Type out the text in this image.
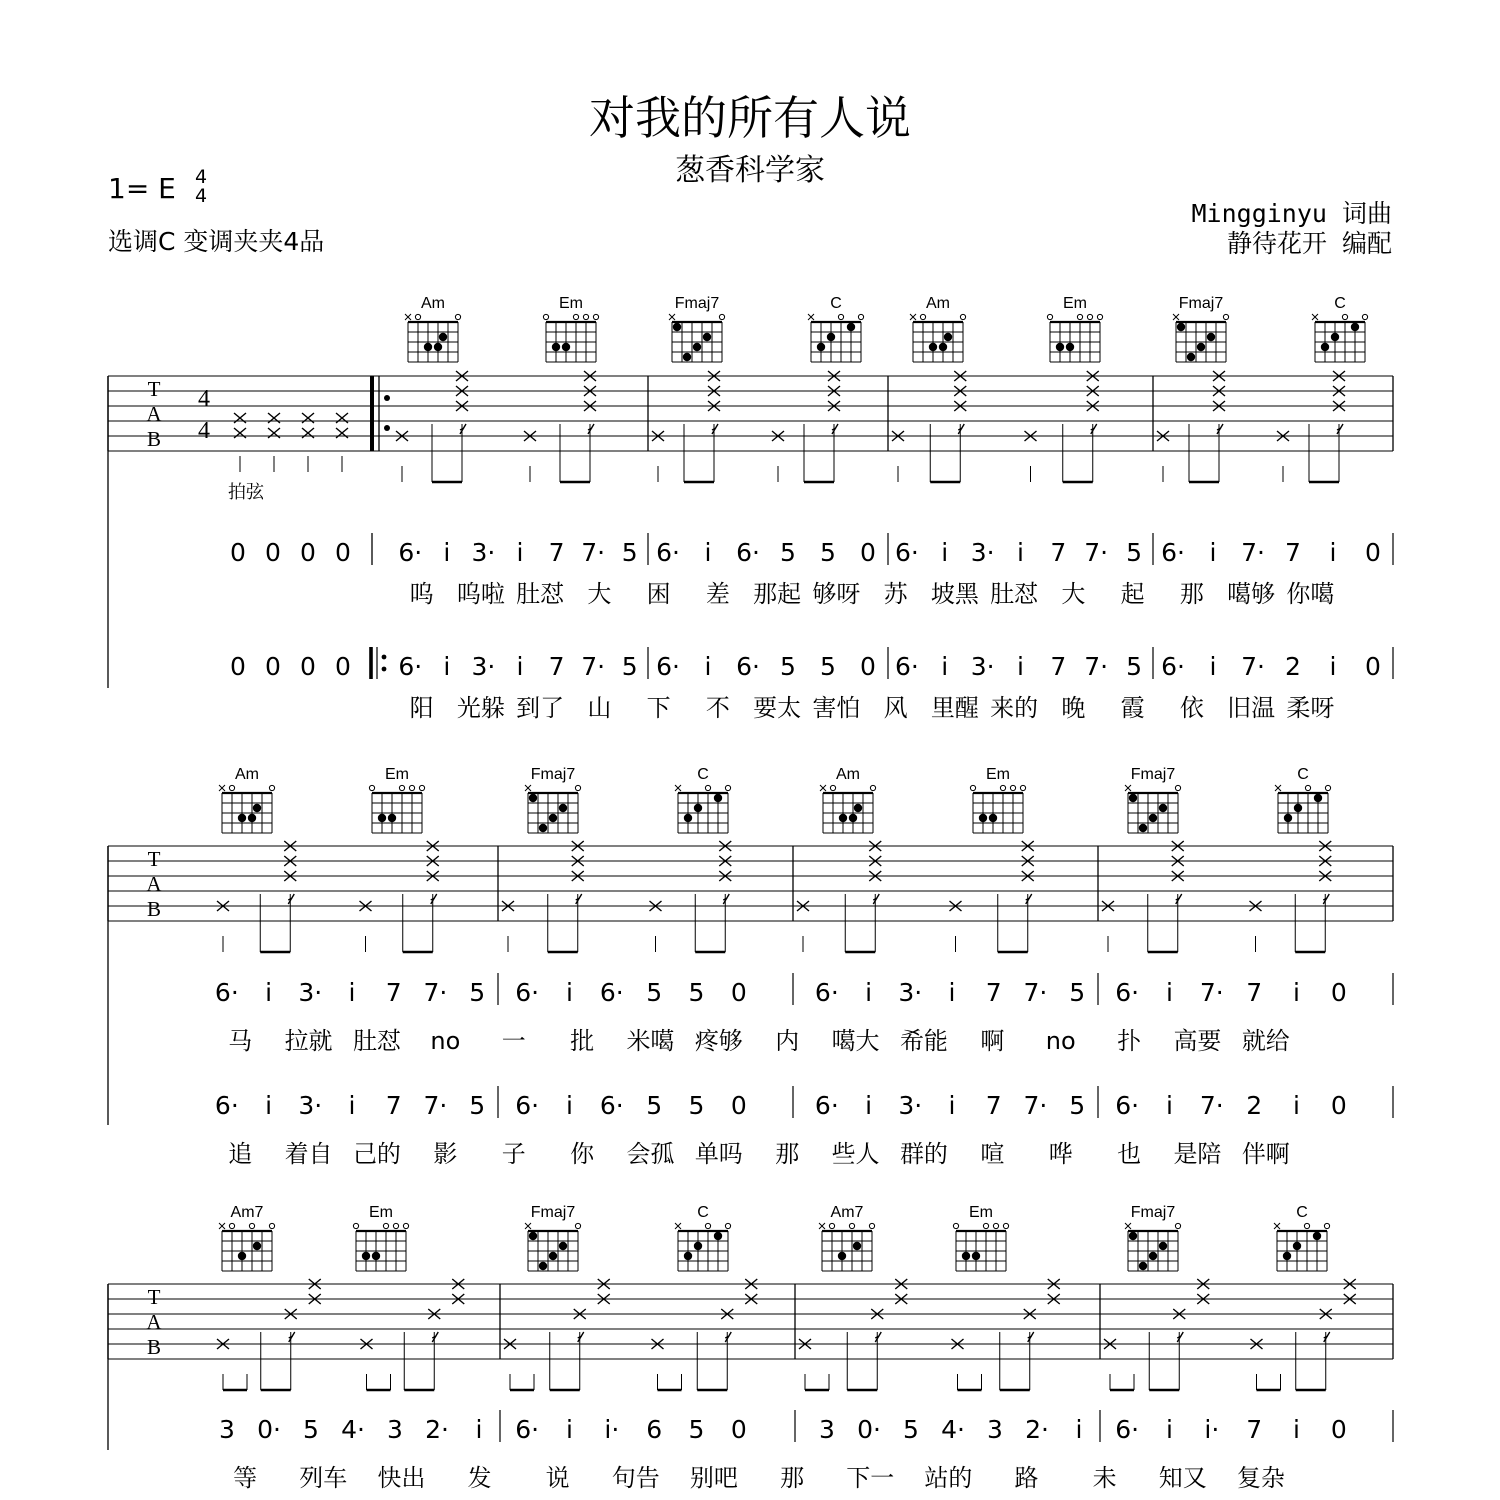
对我的所有人说
葱香科学家
1= E 4
4
选调C 变调夹夹4品
Mingginyu 词曲
静待花开 编配
T
A
B
4
4
拍弦
Am	Em	Fmaj7	C	Am	Em	Fmaj7	C
0 0 0 0 6· i 3· i 7 7· 5 6· i 6· 5 5 0 6· i 3· i 7 7· 5 6· i 7· 7 i 0
呜 呜啦 肚怼 大 困 差 那起 够呀 苏 坡黑 肚怼 大 起 那 噶够 你噶
0 0 0 0 6· i 3· i 7 7· 5 6· i 6· 5 5 0 6· i 3· i 7 7· 5 6· i 7· 2 i 0
阳 光躲 到了 山 下 不 要太 害怕 风 里醒 来的 晚 霞 依 旧温 柔呀
T
A
B
Am	Em	Fmaj7	C	Am	Em	Fmaj7	C
6· i 3· i 7 7· 5 6· i 6· 5 5 0	6· i 3· i 7 7· 5 6· i 7· 7 i 0
马 拉就 肚怼 no 一 批 米噶 疼够 内 噶大 希能 啊 no 扑 高要 就给
6· i 3· i 7 7· 5 6· i 6· 5 5 0	6· i 3· i 7 7· 5 6· i 7· 2 i 0
追 着自 己的 影 子 你 会孤 单吗 那 些人 群的 喧 哗 也 是陪 伴啊
T
A
B
Am7	Em	Fmaj7	C	Am7	Em	Fmaj7	C
3 0· 5 4· 3 2· i 6· i i· 6 5 0	3 0· 5 4· 3 2· i 6· i i· 7 i 0
等 列车 快出 发 说 句告 别吧 那 下一 站的 路 未 知又 复杂
